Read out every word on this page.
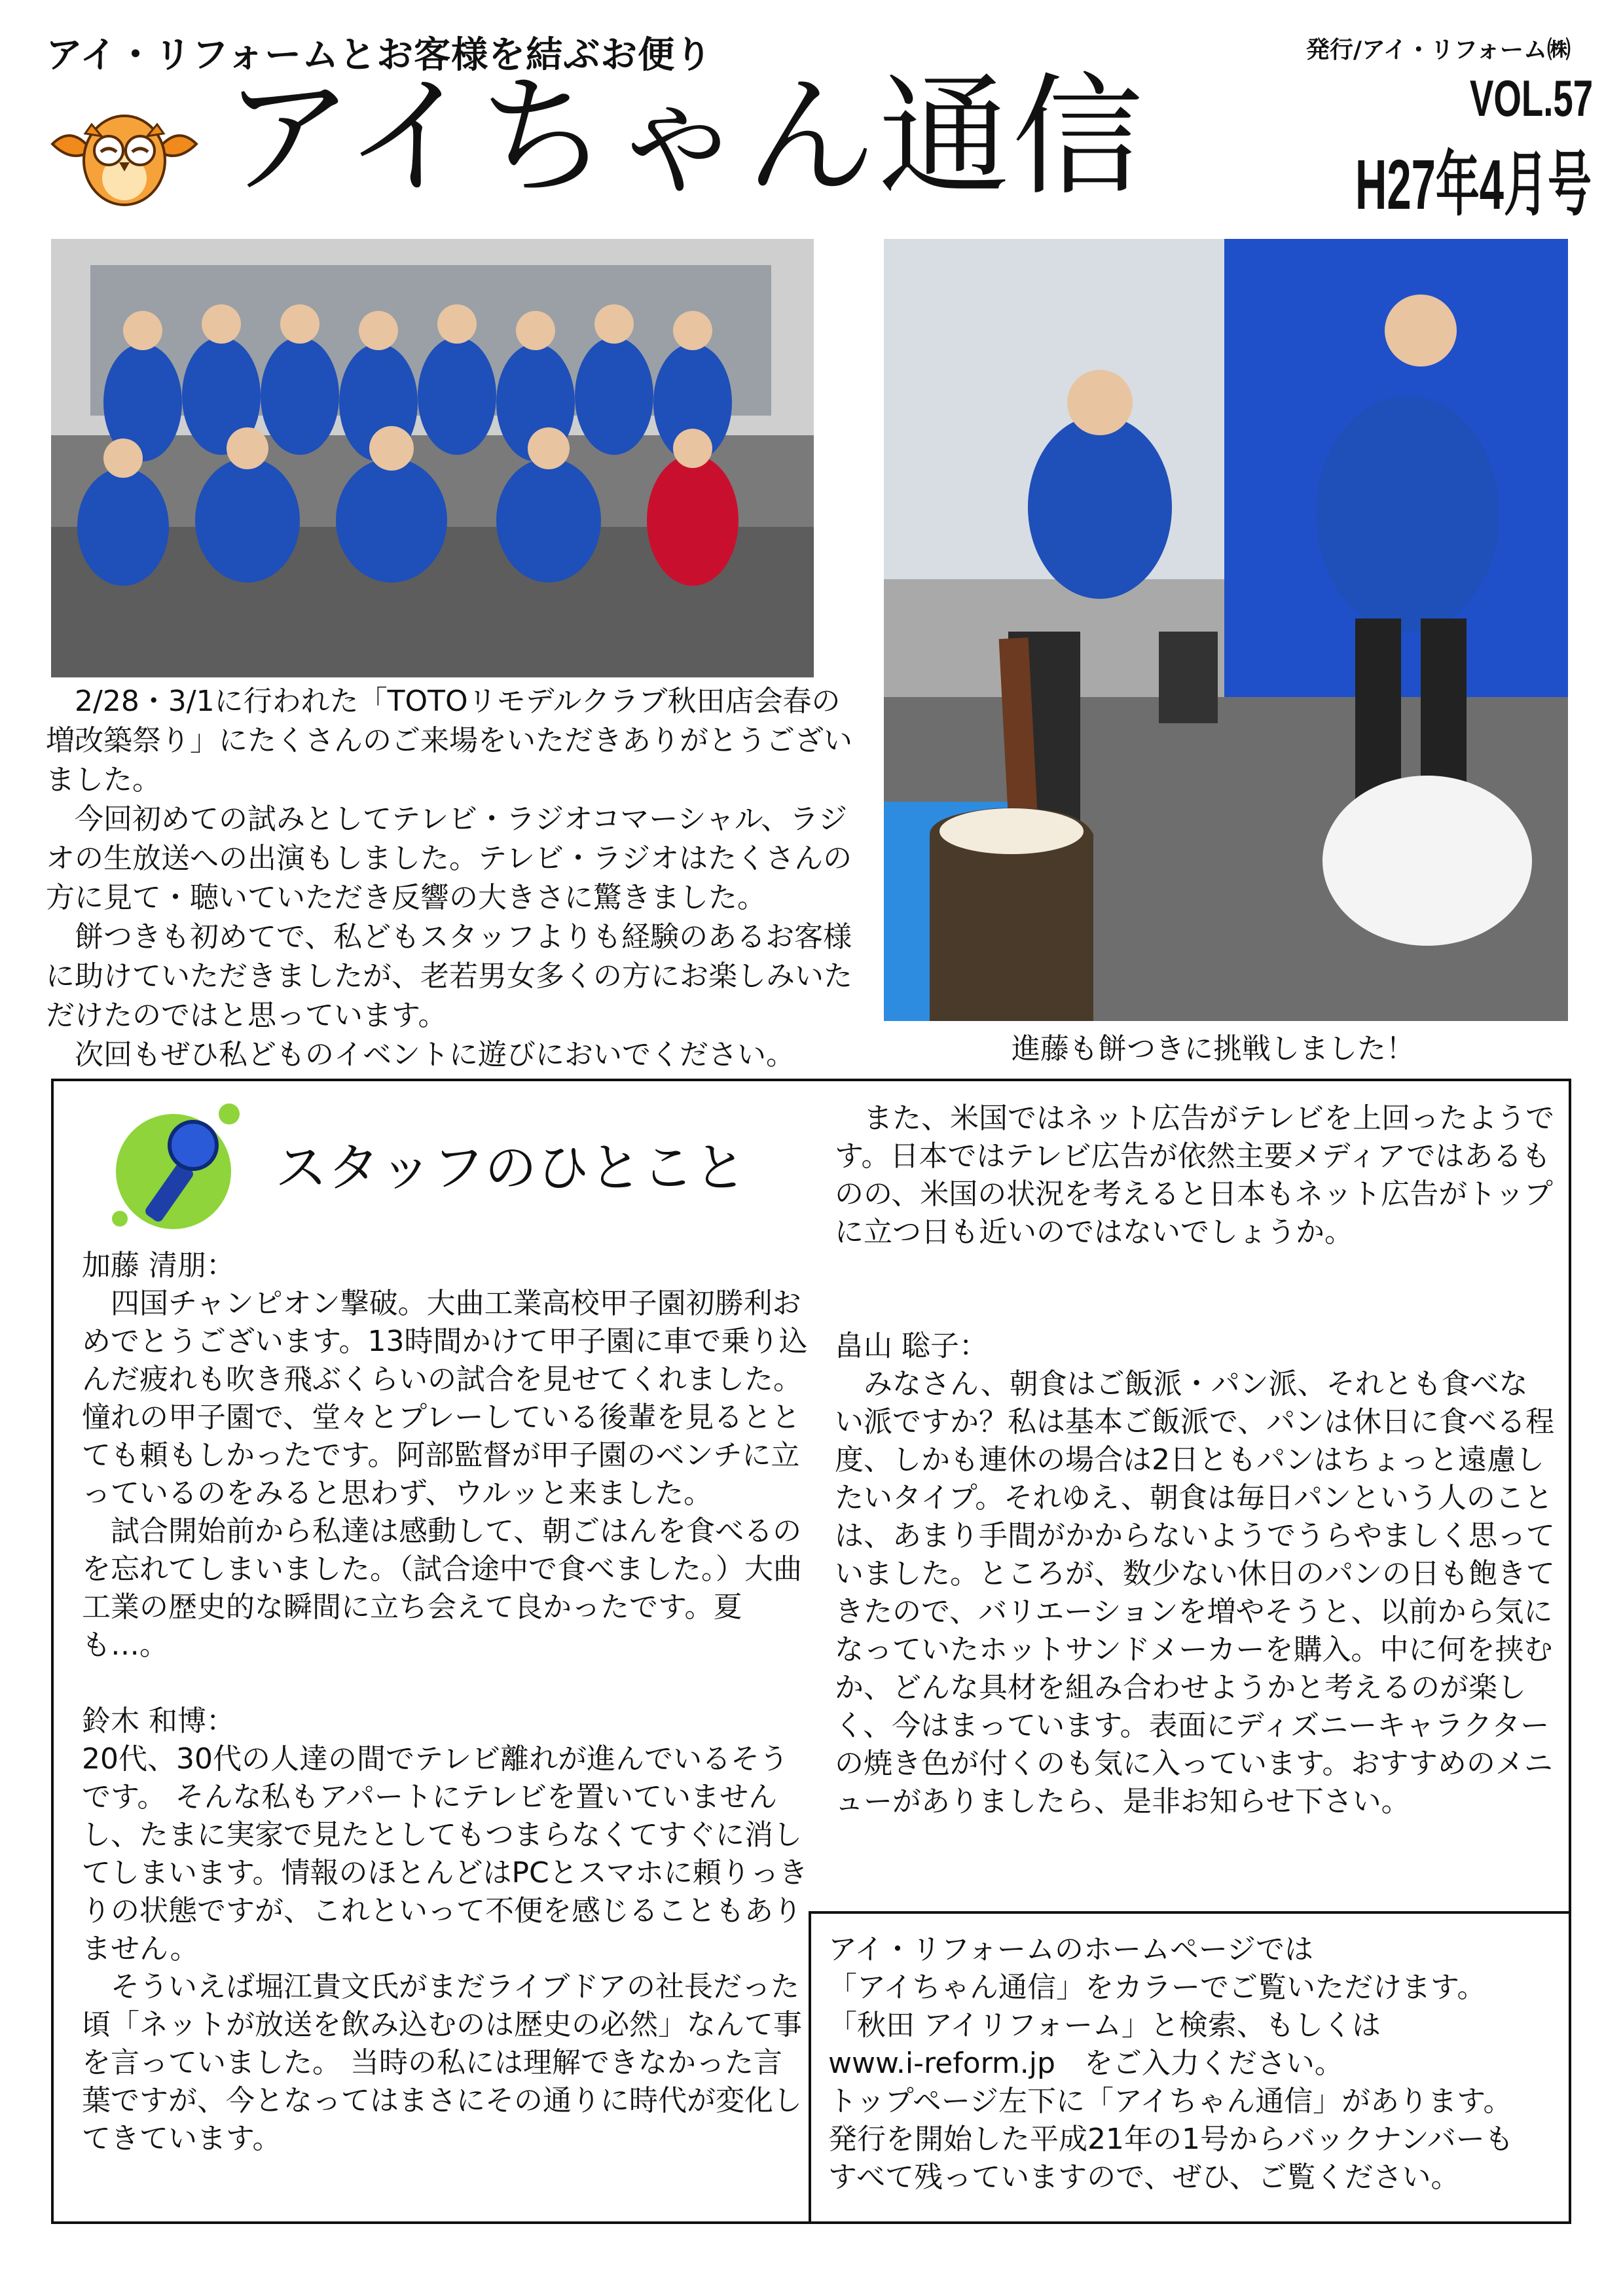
アイ・リフォームとお客様を結ぶお便り	発行/アイ・リフォーム㈱
アイちゃん通信	VOL.57
H27年4月号

2/28・3/1に行われた「TOTOリモデルクラブ秋田店会春の増改築祭り」にたくさんのご来場をいただきありがとうございました。

今回初めての試みとしてテレビ・ラジオコマーシャル、ラジオの生放送への出演もしました。テレビ・ラジオはたくさんの方に見て・聴いていただき反響の大きさに驚きました。

餅つきも初めてで、私どもスタッフよりも経験のあるお客様に助けていただきましたが、老若男女多くの方にお楽しみいただけたのではと思っています。

次回もぜひ私どものイベントに遊びにおいでください。	進藤も餅つきに挑戦しました！
スタッフのひとこと

加藤 清朋：

四国チャンピオン撃破。大曲工業高校甲子園初勝利おめでとうございます。13時間かけて甲子園に車で乗り込んだ疲れも吹き飛ぶくらいの試合を見せてくれました。憧れの甲子園で、堂々とプレーしている後輩を見るととても頼もしかったです。阿部監督が甲子園のベンチに立っているのをみると思わず、ウルッと来ました。

試合開始前から私達は感動して、朝ごはんを食べるのを忘れてしまいました。（試合途中で食べました。）大曲工業の歴史的な瞬間に立ち会えて良かったです。夏も…。

鈴木 和博：

20代、30代の人達の間でテレビ離れが進んでいるそうです。 そんな私もアパートにテレビを置いていませんし、たまに実家で見たとしてもつまらなくてすぐに消してしまいます。情報のほとんどはPCとスマホに頼りっきりの状態ですが、これといって不便を感じることもありません。

そういえば堀江貴文氏がまだライブドアの社長だった頃「ネットが放送を飲み込むのは歴史の必然」なんて事を言っていました。 当時の私には理解できなかった言葉ですが、今となってはまさにその通りに時代が変化してきています。

また、米国ではネット広告がテレビを上回ったようです。日本ではテレビ広告が依然主要メディアではあるものの、米国の状況を考えると日本もネット広告がトップに立つ日も近いのではないでしょうか。

畠山 聡子：

みなさん、朝食はご飯派・パン派、それとも食べない派ですか？私は基本ご飯派で、パンは休日に食べる程度、しかも連休の場合は2日ともパンはちょっと遠慮したいタイプ。それゆえ、朝食は毎日パンという人のことは、あまり手間がかからないようでうらやましく思っていました。ところが、数少ない休日のパンの日も飽きてきたので、バリエーションを増やそうと、以前から気になっていたホットサンドメーカーを購入。中に何を挟むか、どんな具材を組み合わせようかと考えるのが楽しく、今はまっています。表面にディズニーキャラクターの焼き色が付くのも気に入っています。おすすめのメニューがありましたら、是非お知らせ下さい。

アイ・リフォームのホームページでは

「アイちゃん通信」をカラーでご覧いただけます。

「秋田 アイリフォーム」と検索、もしくは

www.i-reform.jp　をご入力ください。

トップページ左下に「アイちゃん通信」があります。

発行を開始した平成21年の1号からバックナンバーも

すべて残っていますので、ぜひ、ご覧ください。
